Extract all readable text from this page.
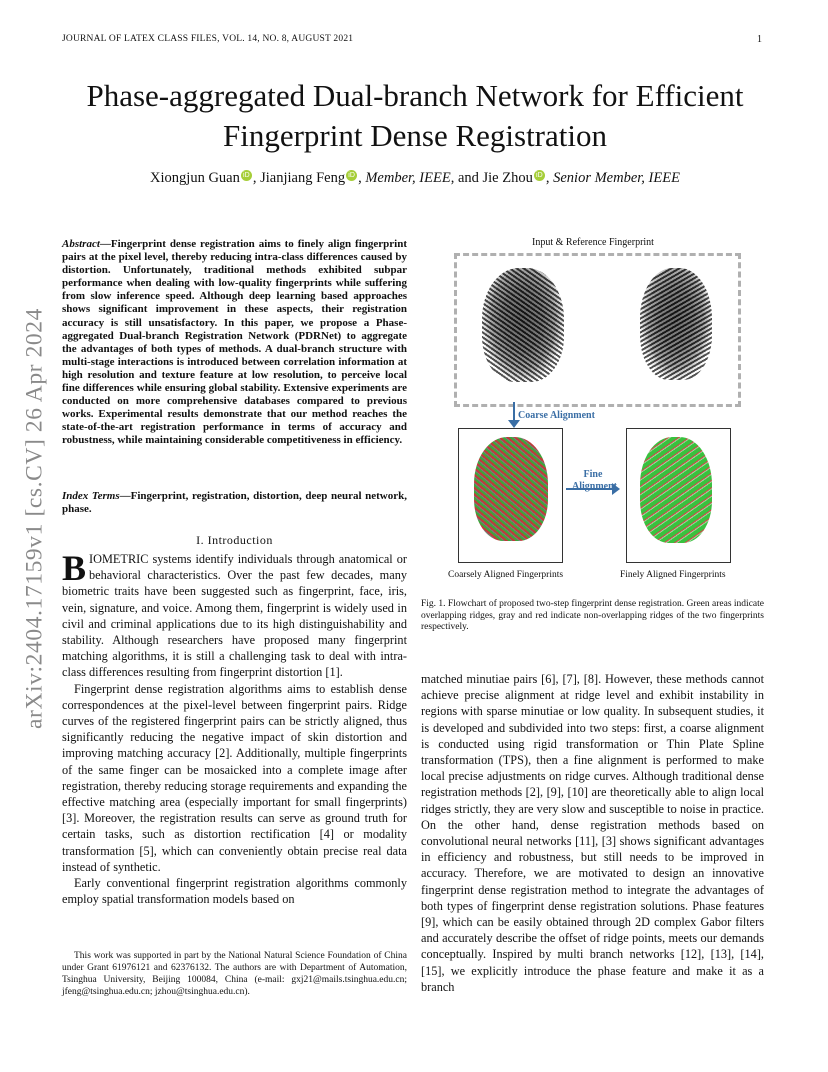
JOURNAL OF LATEX CLASS FILES, VOL. 14, NO. 8, AUGUST 2021	1
Phase-aggregated Dual-branch Network for Efficient
Fingerprint Dense Registration
Xiongjun Guan iD , Jianjiang Feng iD , Member, IEEE, and Jie Zhou iD , Senior Member, IEEE
arXiv:2404.17159v1 [cs.CV] 26 Apr 2024
Abstract—Fingerprint dense registration aims to finely align fingerprint pairs at the pixel level, thereby reducing intra-class differences caused by distortion. Unfortunately, traditional methods exhibited subpar performance when dealing with low-quality fingerprints while suffering from slow inference speed. Although deep learning based approaches shows significant improvement in these aspects, their registration accuracy is still unsatisfactory. In this paper, we propose a Phase-aggregated Dual-branch Registration Network (PDRNet) to aggregate the advantages of both types of methods. A dual-branch structure with multi-stage interactions is introduced between correlation information at high resolution and texture feature at low resolution, to perceive local fine differences while ensuring global stability. Extensive experiments are conducted on more comprehensive databases compared to previous works. Experimental results demonstrate that our method reaches the state-of-the-art registration performance in terms of accuracy and robustness, while maintaining considerable competitiveness in efficiency.
Index Terms—Fingerprint, registration, distortion, deep neural network, phase.
I. Introduction

BIOMETRIC systems identify individuals through anatomical or behavioral characteristics. Over the past few decades, many biometric traits have been suggested such as fingerprint, face, iris, vein, signature, and voice. Among them, fingerprint is widely used in civil and criminal applications due to its high distinguishability and stability. Although researchers have proposed many fingerprint matching algorithms, it is still a challenging task to deal with intra-class differences resulting from fingerprint distortion [1].

Fingerprint dense registration algorithms aims to establish dense correspondences at the pixel-level between fingerprint pairs. Ridge curves of the registered fingerprint pairs can be strictly aligned, thus significantly reducing the negative impact of skin distortion and improving matching accuracy [2]. Additionally, multiple fingerprints of the same finger can be mosaicked into a complete image after registration, thereby reducing storage requirements and expanding the effective matching area (especially important for small fingerprints) [3]. Moreover, the registration results can serve as ground truth for certain tasks, such as distortion rectification [4] or modality transformation [5], which can conveniently obtain precise real data instead of synthetic.

Early conventional fingerprint registration algorithms commonly employ spatial transformation models based on

This work was supported in part by the National Natural Science Foundation of China under Grant 61976121 and 62376132. The authors are with Department of Automation, Tsinghua University, Beijing 100084, China (e-mail: gxj21@mails.tsinghua.edu.cn; jfeng@tsinghua.edu.cn; jzhou@tsinghua.edu.cn).

Input & Reference Fingerprint
Coarse Alignment
Fine
Alignment
Coarsely Aligned Fingerprints	Finely Aligned Fingerprints
Fig. 1. Flowchart of proposed two-step fingerprint dense registration. Green areas indicate overlapping ridges, gray and red indicate non-overlapping ridges of the two fingerprints respectively.

matched minutiae pairs [6], [7], [8]. However, these methods cannot achieve precise alignment at ridge level and exhibit instability in regions with sparse minutiae or low quality. In subsequent studies, it is developed and subdivided into two steps: first, a coarse alignment is conducted using rigid transformation or Thin Plate Spline transformation (TPS), then a fine alignment is performed to make local precise adjustments on ridge curves. Although traditional dense registration methods [2], [9], [10] are theoretically able to align local ridges strictly, they are very slow and susceptible to noise in practice. On the other hand, dense registration methods based on convolutional neural networks [11], [3] shows significant advantages in efficiency and robustness, but still needs to be improved in accuracy. Therefore, we are motivated to design an innovative fingerprint dense registration method to integrate the advantages of both types of fingerprint dense registration solutions. Phase features [9], which can be easily obtained through 2D complex Gabor filters and accurately describe the offset of ridge points, meets our demands conceptually. Inspired by multi branch networks [12], [13], [14], [15], we explicitly introduce the phase feature and make it as a branch
